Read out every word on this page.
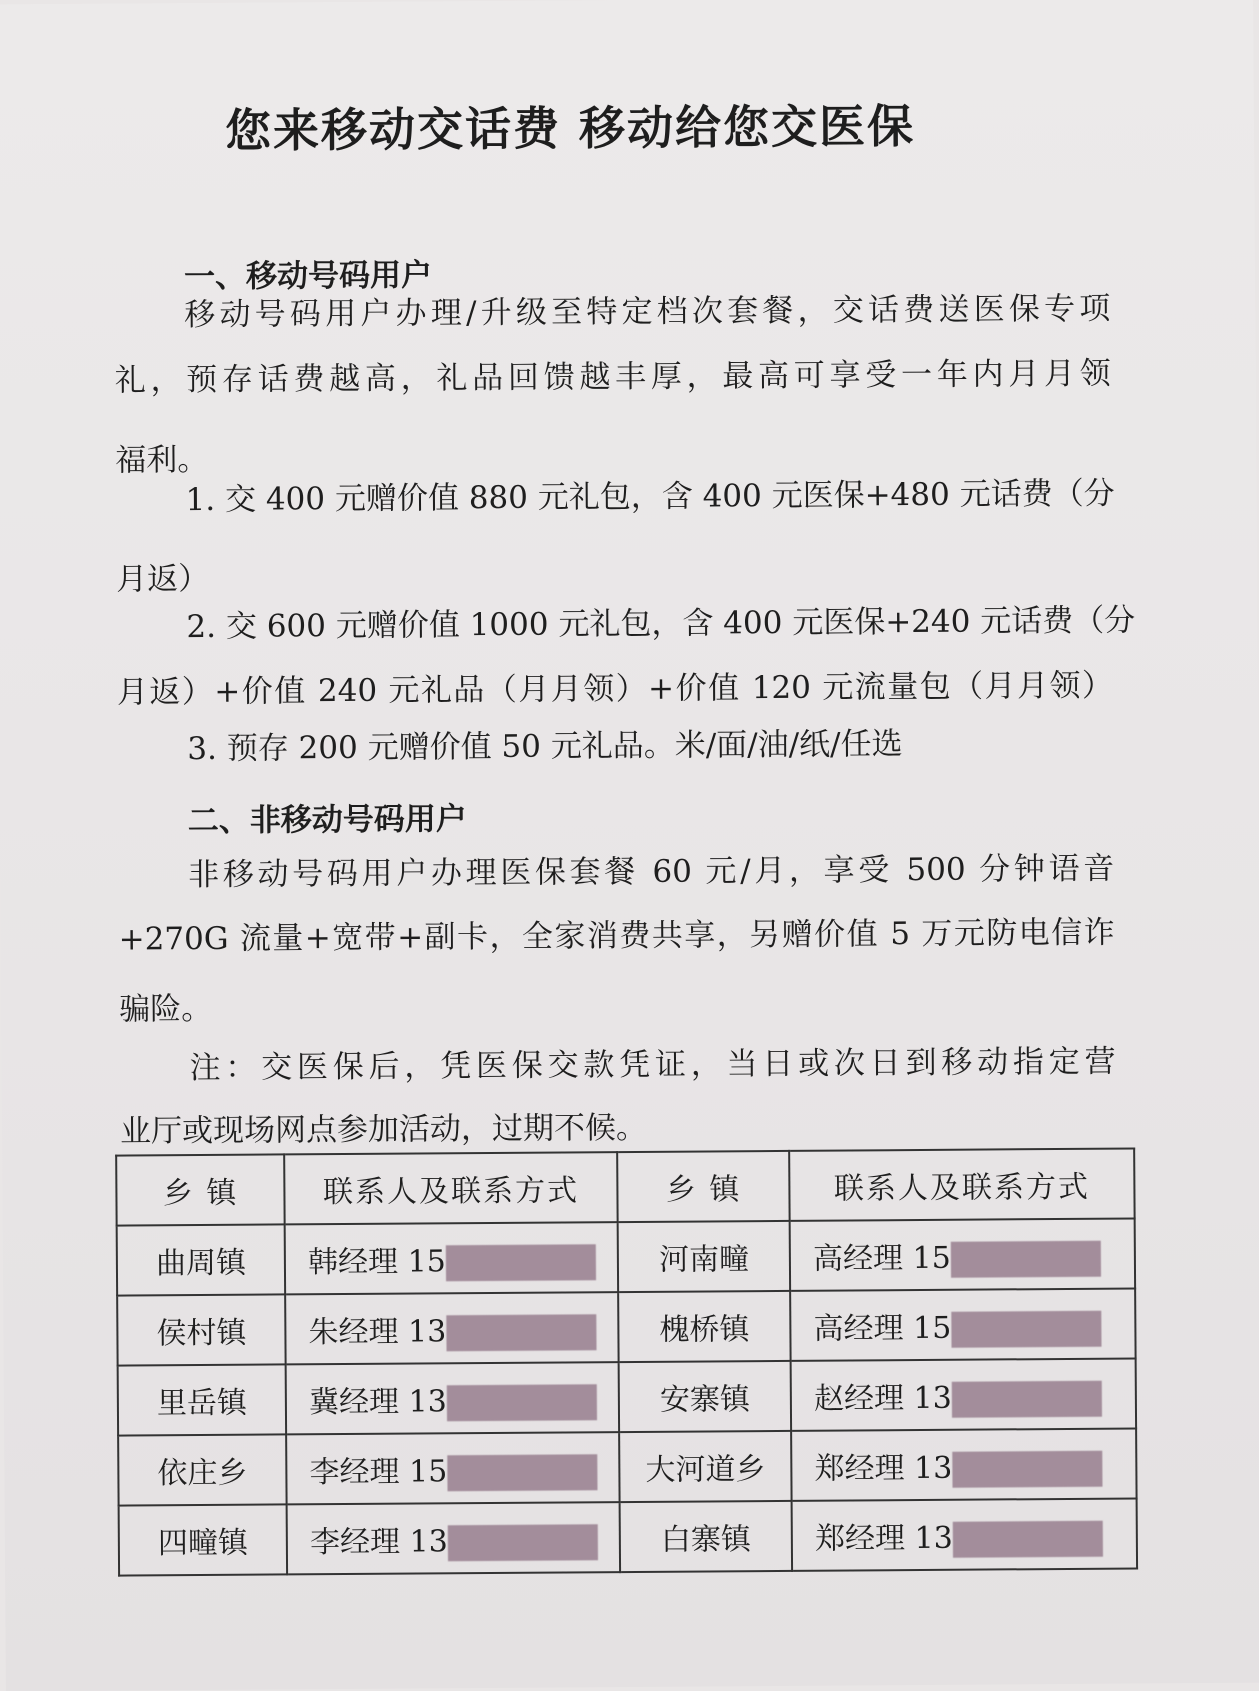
您来移动交话费 移动给您交医保
一、移动号码用户
移动号码用户办理/升级至特定档次套餐，交话费送医保专项
礼，预存话费越高，礼品回馈越丰厚，最高可享受一年内月月领
福利。
1. 交 400 元赠价值 880 元礼包，含 400 元医保+480 元话费（分
月返）
2. 交 600 元赠价值 1000 元礼包，含 400 元医保+240 元话费（分
月返）+价值 240 元礼品（月月领）+价值 120 元流量包（月月领）
3. 预存 200 元赠价值 50 元礼品。米/面/油/纸/任选
二、非移动号码用户
非移动号码用户办理医保套餐 60 元/月，享受 500 分钟语音
+270G 流量+宽带+副卡，全家消费共享，另赠价值 5 万元防电信诈
骗险。
注：交医保后，凭医保交款凭证，当日或次日到移动指定营
业厅或现场网点参加活动，过期不候。
乡 镇	联系人及联系方式	乡 镇	联系人及联系方式
曲周镇	韩经理 15	河南疃	高经理 15
侯村镇	朱经理 13	槐桥镇	高经理 15
里岳镇	冀经理 13	安寨镇	赵经理 13
依庄乡	李经理 15	大河道乡	郑经理 13
四疃镇	李经理 13	白寨镇	郑经理 13
